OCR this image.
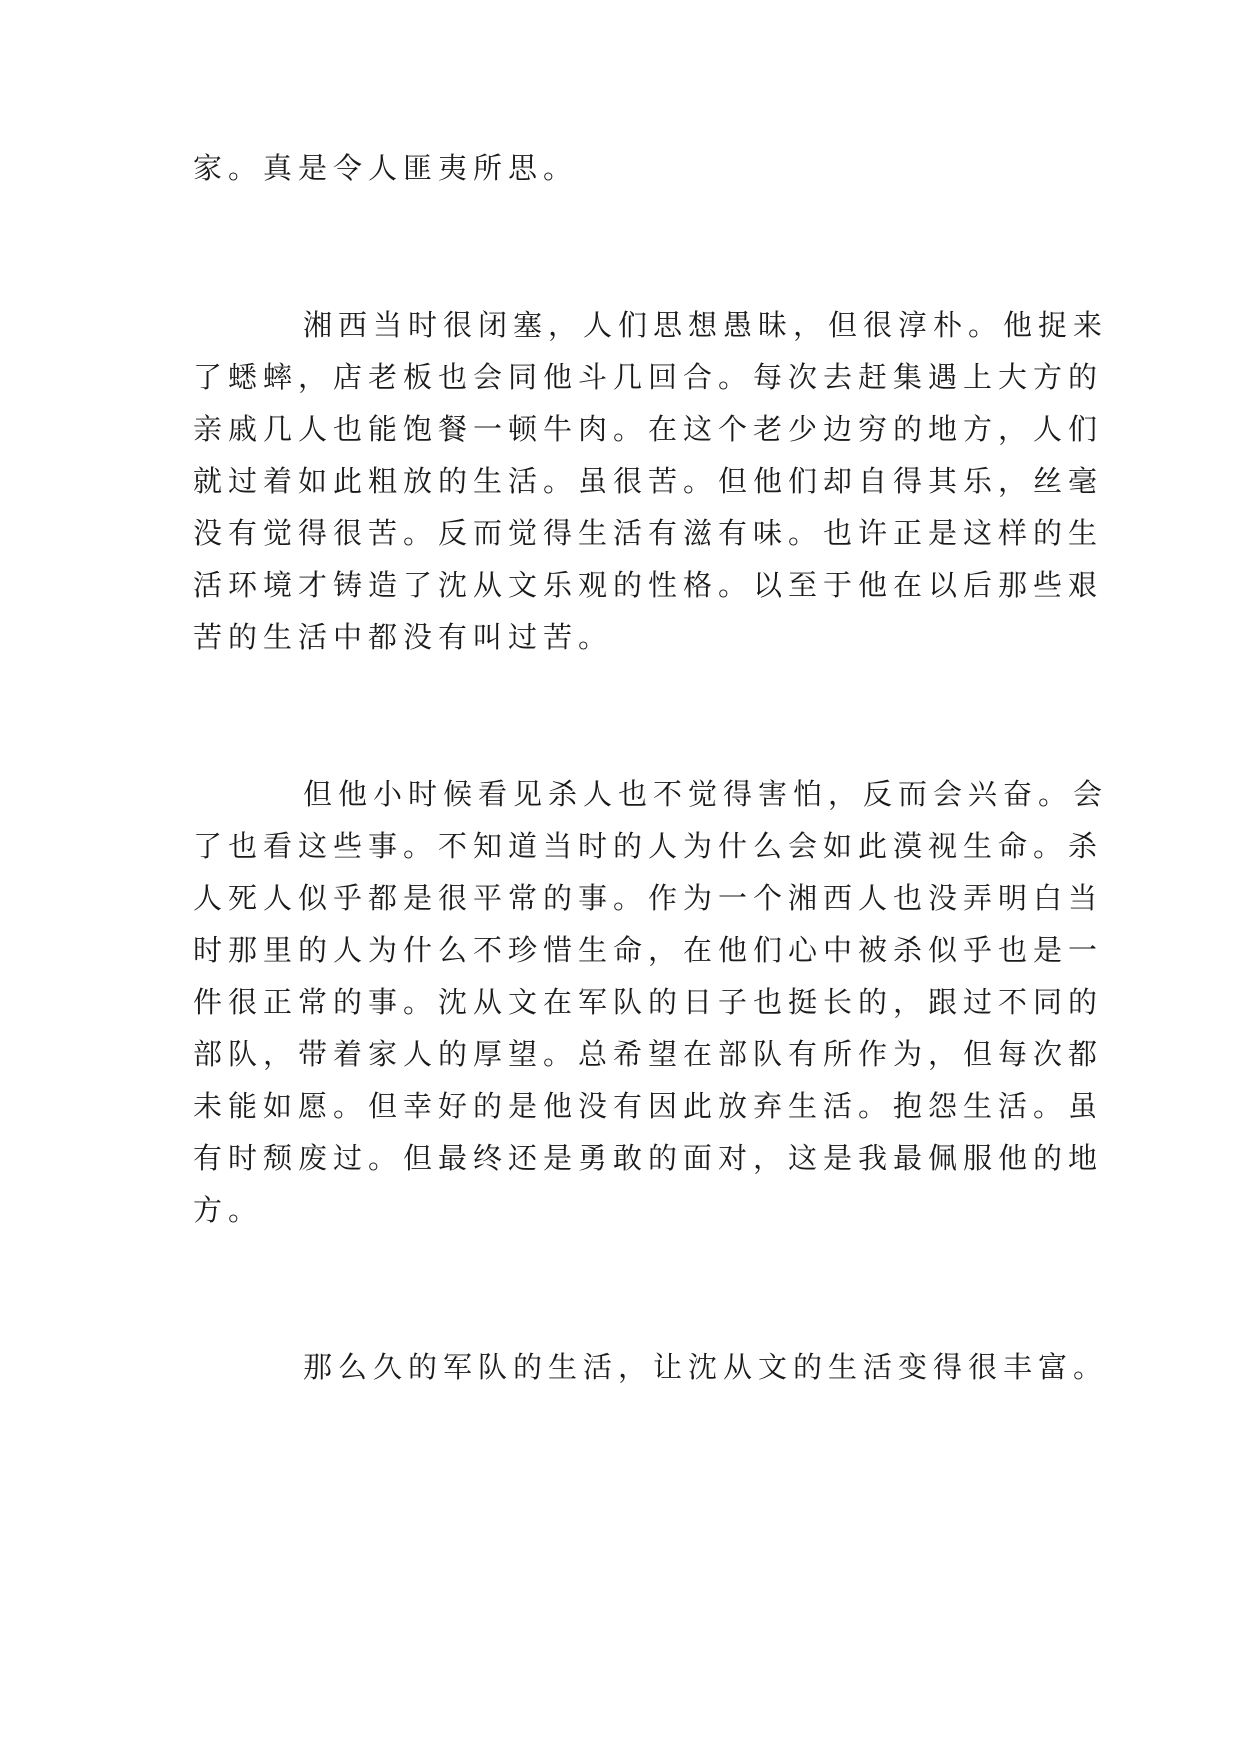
家。真是令人匪夷所思。

湘西当时很闭塞，人们思想愚昧，但很淳朴。他捉来

了蟋蟀，店老板也会同他斗几回合。每次去赶集遇上大方的

亲戚几人也能饱餐一顿牛肉。在这个老少边穷的地方，人们

就过着如此粗放的生活。虽很苦。但他们却自得其乐，丝毫

没有觉得很苦。反而觉得生活有滋有味。也许正是这样的生

活环境才铸造了沈从文乐观的性格。以至于他在以后那些艰

苦的生活中都没有叫过苦。

但他小时候看见杀人也不觉得害怕，反而会兴奋。会

了也看这些事。不知道当时的人为什么会如此漠视生命。杀

人死人似乎都是很平常的事。作为一个湘西人也没弄明白当

时那里的人为什么不珍惜生命，在他们心中被杀似乎也是一

件很正常的事。沈从文在军队的日子也挺长的，跟过不同的

部队，带着家人的厚望。总希望在部队有所作为，但每次都

未能如愿。但幸好的是他没有因此放弃生活。抱怨生活。虽

有时颓废过。但最终还是勇敢的面对，这是我最佩服他的地

方。

那么久的军队的生活，让沈从文的生活变得很丰富。
